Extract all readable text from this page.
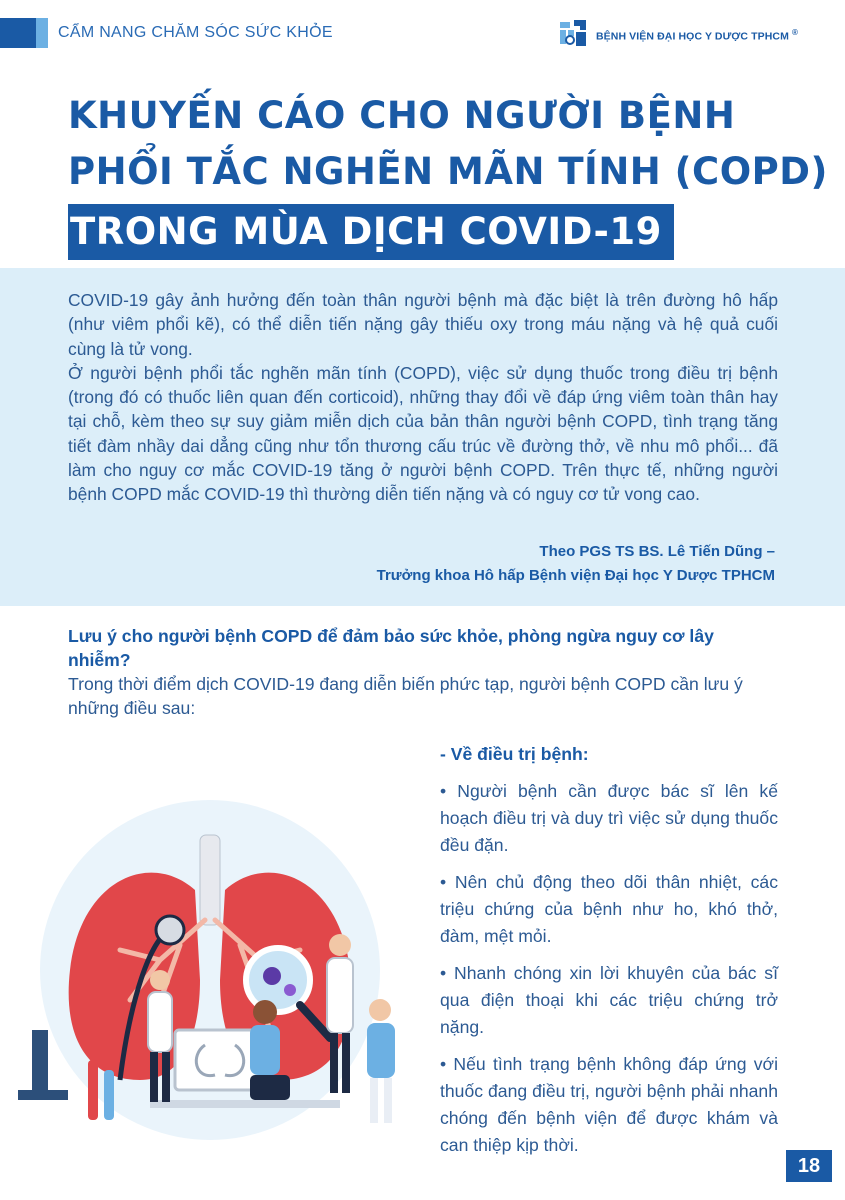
CẨM NANG CHĂM SÓC SỨC KHỎE	BỆNH VIỆN ĐẠI HỌC Y DƯỢC TPHCM ®
KHUYẾN CÁO CHO NGƯỜI BỆNH
PHỔI TẮC NGHẼN MÃN TÍNH (COPD)
TRONG MÙA DỊCH COVID-19

COVID-19 gây ảnh hưởng đến toàn thân người bệnh mà đặc biệt là trên đường hô hấp (như viêm phổi kẽ), có thể diễn tiến nặng gây thiếu oxy trong máu nặng và hệ quả cuối cùng là tử vong.

Ở người bệnh phổi tắc nghẽn mãn tính (COPD), việc sử dụng thuốc trong điều trị bệnh (trong đó có thuốc liên quan đến corticoid), những thay đổi về đáp ứng viêm toàn thân hay tại chỗ, kèm theo sự suy giảm miễn dịch của bản thân người bệnh COPD, tình trạng tăng tiết đàm nhầy dai dẳng cũng như tổn thương cấu trúc về đường thở, về nhu mô phổi... đã làm cho nguy cơ mắc COVID-19 tăng ở người bệnh COPD. Trên thực tế, những người bệnh COPD mắc COVID-19 thì thường diễn tiến nặng và có nguy cơ tử vong cao.

Theo PGS TS BS. Lê Tiến Dũng –
Trưởng khoa Hô hấp Bệnh viện Đại học Y Dược TPHCM
Lưu ý cho người bệnh COPD để đảm bảo sức khỏe, phòng ngừa nguy cơ lây nhiễm?
Trong thời điểm dịch COVID-19 đang diễn biến phức tạp, người bệnh COPD cần lưu ý những điều sau:
- Về điều trị bệnh:
• Người bệnh cần được bác sĩ lên kế hoạch điều trị và duy trì việc sử dụng thuốc đều đặn.
• Nên chủ động theo dõi thân nhiệt, các triệu chứng của bệnh như ho, khó thở, đàm, mệt mỏi.
• Nhanh chóng xin lời khuyên của bác sĩ qua điện thoại khi các triệu chứng trở nặng.
• Nếu tình trạng bệnh không đáp ứng với thuốc đang điều trị, người bệnh phải nhanh chóng đến bệnh viện để được khám và can thiệp kịp thời.
18
